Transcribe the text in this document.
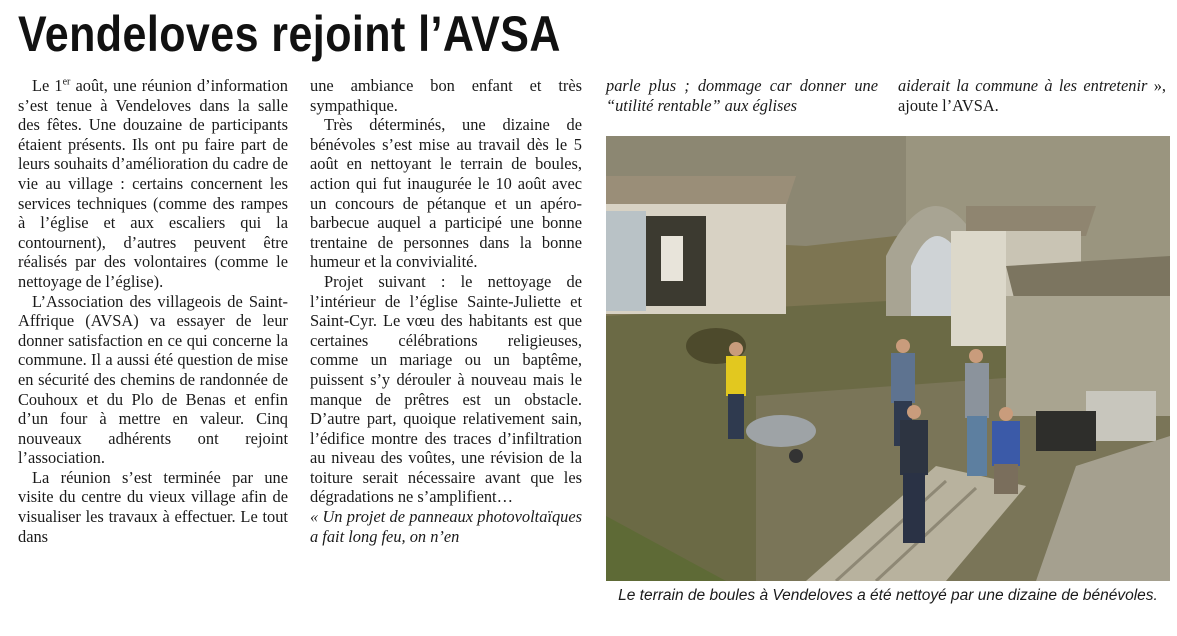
Vendeloves rejoint l’AVSA

Le 1er août, une réunion d’information s’est tenue à Vendeloves dans la salle des fêtes. Une douzaine de participants étaient présents. Ils ont pu faire part de leurs souhaits d’amélioration du cadre de vie au village : certains concernent les services techniques (comme des rampes à l’église et aux escaliers qui la contournent), d’autres peuvent être réalisés par des volontaires (comme le nettoyage de l’église).

L’Association des villageois de Saint-Affrique (AVSA) va essayer de leur donner satisfaction en ce qui concerne la commune. Il a aussi été question de mise en sécurité des chemins de randonnée de Couhoux et du Plo de Benas et enfin d’un four à mettre en valeur. Cinq nouveaux adhérents ont rejoint l’association.

La réunion s’est terminée par une visite du centre du vieux village afin de visualiser les travaux à effectuer. Le tout dans

une ambiance bon enfant et très sympathique.

Très déterminés, une dizaine de bénévoles s’est mise au travail dès le 5 août en nettoyant le terrain de boules, action qui fut inaugurée le 10 août avec un concours de pétanque et un apéro-barbecue auquel a participé une bonne trentaine de personnes dans la bonne humeur et la convivialité.

Projet suivant : le nettoyage de l’intérieur de l’église Sainte-Juliette et Saint-Cyr. Le vœu des habitants est que certaines célébrations religieuses, comme un mariage ou un baptême, puissent s’y dérouler à nouveau mais le manque de prêtres est un obstacle. D’autre part, quoique relativement sain, l’édifice montre des traces d’infiltration au niveau des voûtes, une révision de la toiture serait nécessaire avant que les dégradations ne s’amplifient…

« Un projet de panneaux photovoltaïques a fait long feu, on n’en

parle plus ; dommage car donner une “utilité rentable” aux églises
aiderait la commune à les entretenir », ajoute l’AVSA.
Le terrain de boules à Vendeloves a été nettoyé par une dizaine de bénévoles.
